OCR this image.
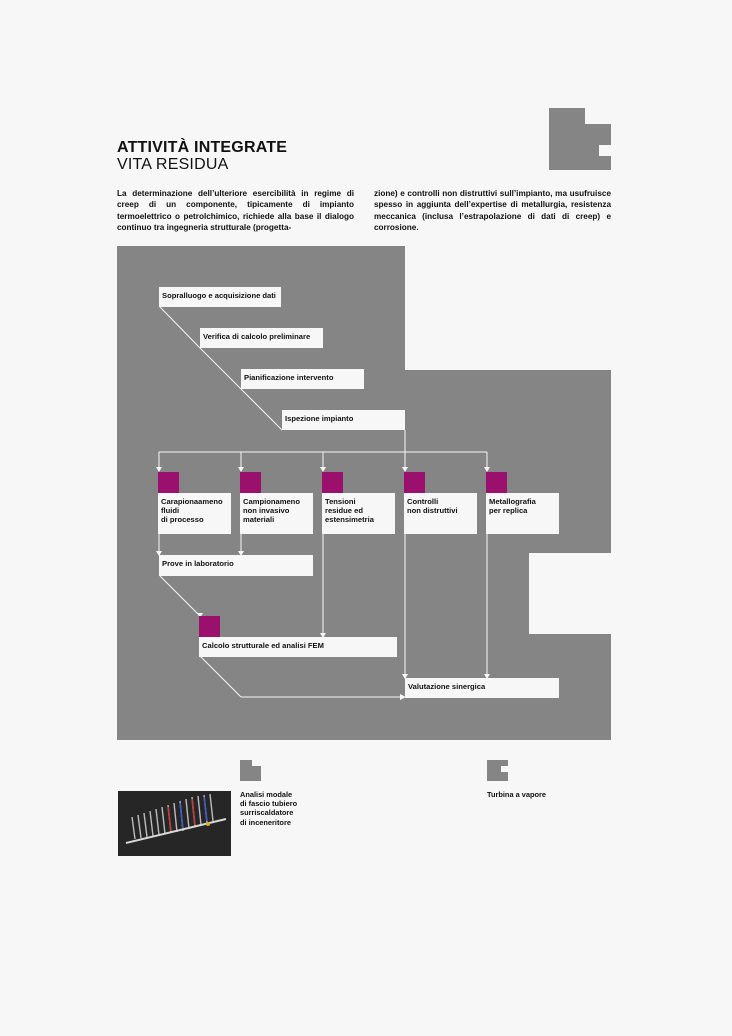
ATTIVITÀ INTEGRATE
VITA RESIDUA
La determinazione dell’ulteriore esercibilità in regime di creep di un componente, tipicamente di impianto termoelettrico o petrolchimico, richiede alla base il dialogo continuo tra ingegneria strutturale (progetta-
zione) e controlli non distruttivi sull’impianto, ma usufruisce spesso in aggiunta dell’expertise di metallurgia, resistenza meccanica (inclusa l’estrapolazione di dati di creep) e corrosione.
Sopralluogo e acquisizione dati
Verifica di calcolo preliminare
Pianificazione intervento
Ispezione impianto
Carapionaameno
fluidi
di processo
Campionameno
non invasivo
materiali
Tensioni
residue ed
estensimetria
Controlli
non distruttivi
Metallografia
per replica
Prove in laboratorio
Calcolo strutturale ed analisi FEM
Valutazione sinergica
Analisi modale
di fascio tubiero
surriscaldatore
di inceneritore
Turbina a vapore
